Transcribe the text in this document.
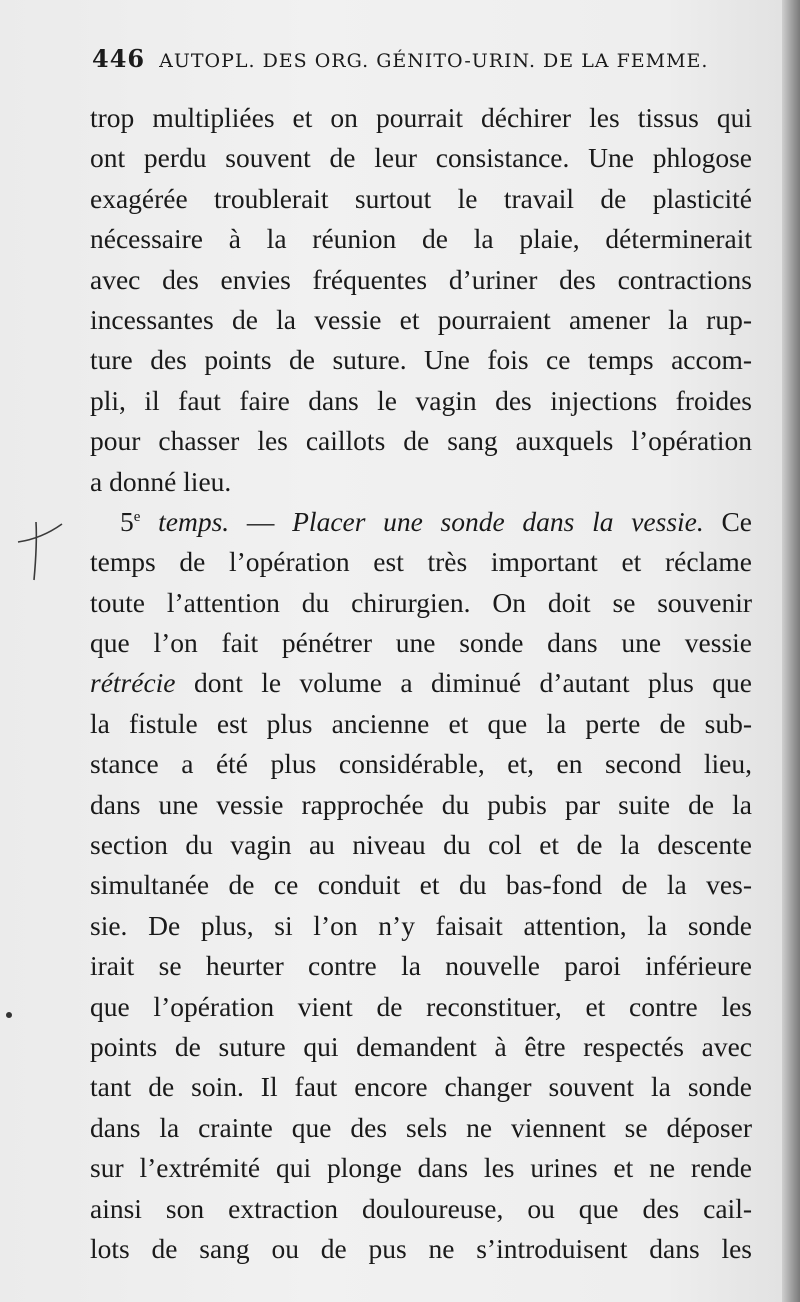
446 AUTOPL. DES ORG. GÉNITO-URIN. DE LA FEMME.
trop multipliées et on pourrait déchirer les tissus qui
ont perdu souvent de leur consistance. Une phlogose
exagérée troublerait surtout le travail de plasticité
nécessaire à la réunion de la plaie, déterminerait
avec des envies fréquentes d’uriner des contractions
incessantes de la vessie et pourraient amener la rup-
ture des points de suture. Une fois ce temps accom-
pli, il faut faire dans le vagin des injections froides
pour chasser les caillots de sang auxquels l’opération
a donné lieu.
5e temps. — Placer une sonde dans la vessie. Ce
temps de l’opération est très important et réclame
toute l’attention du chirurgien. On doit se souvenir
que l’on fait pénétrer une sonde dans une vessie
rétrécie dont le volume a diminué d’autant plus que
la fistule est plus ancienne et que la perte de sub-
stance a été plus considérable, et, en second lieu,
dans une vessie rapprochée du pubis par suite de la
section du vagin au niveau du col et de la descente
simultanée de ce conduit et du bas-fond de la ves-
sie. De plus, si l’on n’y faisait attention, la sonde
irait se heurter contre la nouvelle paroi inférieure
que l’opération vient de reconstituer, et contre les
points de suture qui demandent à être respectés avec
tant de soin. Il faut encore changer souvent la sonde
dans la crainte que des sels ne viennent se déposer
sur l’extrémité qui plonge dans les urines et ne rende
ainsi son extraction douloureuse, ou que des cail-
lots de sang ou de pus ne s’introduisent dans les
